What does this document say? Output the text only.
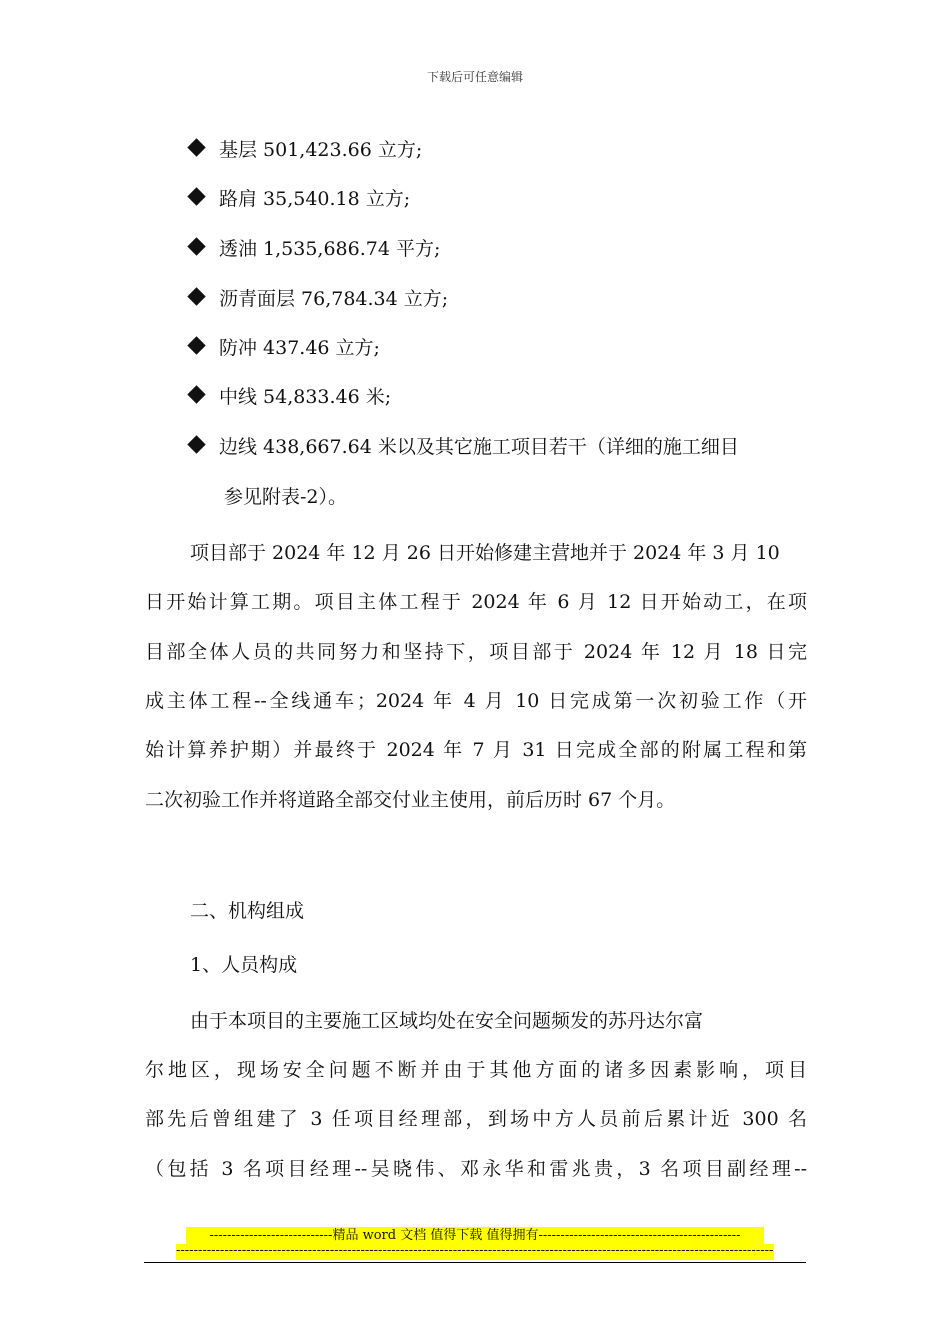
下载后可任意编辑
基层 501,423.66 立方;
路肩 35,540.18 立方;
透油 1,535,686.74 平方;
沥青面层 76,784.34 立方;
防冲 437.46 立方;
中线 54,833.46 米;
边线 438,667.64 米以及其它施工项目若干（详细的施工细目
参见附表-2）。
项目部于 2024 年 12 月 26 日开始修建主营地并于 2024 年 3 月 10
日开始计算工期。项目主体工程于 2024 年 6 月 12 日开始动工，在项
目部全体人员的共同努力和坚持下，项目部于 2024 年 12 月 18 日完
成主体工程--全线通车；2024 年 4 月 10 日完成第一次初验工作（开
始计算养护期）并最终于 2024 年 7 月 31 日完成全部的附属工程和第
二次初验工作并将道路全部交付业主使用，前后历时 67 个月。
二、机构组成
1、人员构成
由于本项目的主要施工区域均处在安全问题频发的苏丹达尔富
尔地区，现场安全问题不断并由于其他方面的诸多因素影响，项目
部先后曾组建了 3 任项目经理部，到场中方人员前后累计近 300 名
（包括 3 名项目经理--吴晓伟、邓永华和雷兆贵，3 名项目副经理--
----------------------------精品 word 文档 值得下载 值得拥有----------------------------------------------
----------------------------------------------------------------------------------------------------------------------------------------
